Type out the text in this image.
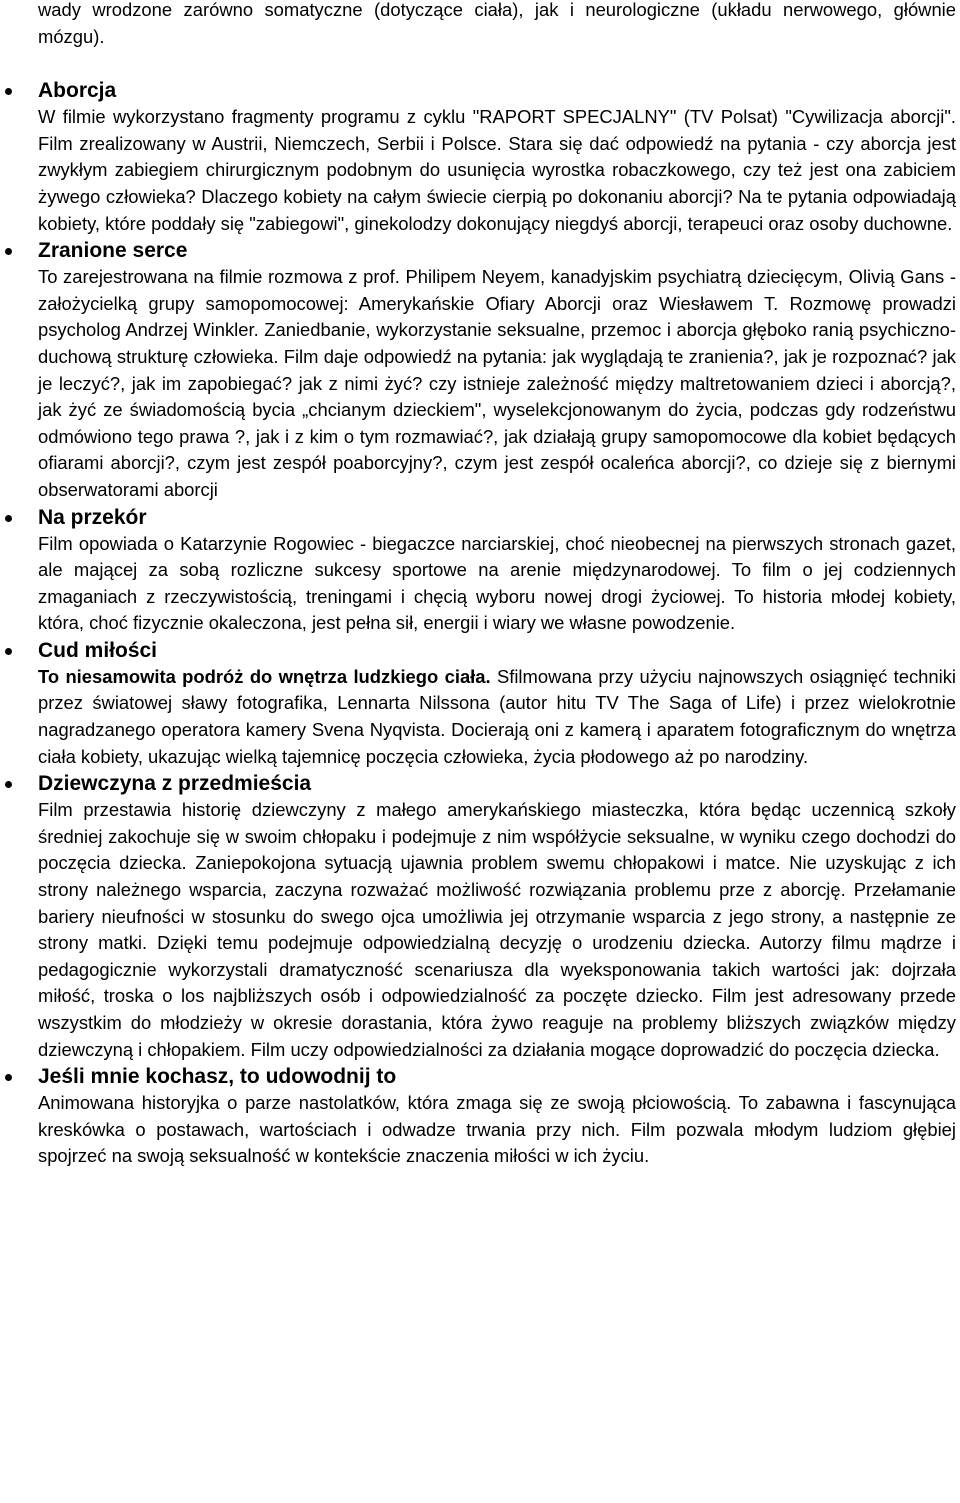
wady wrodzone zarówno somatyczne (dotyczące ciała), jak i neurologiczne (układu nerwowego, głównie mózgu).

Aborcja

W filmie wykorzystano fragmenty programu z cyklu "RAPORT SPECJALNY" (TV Polsat) "Cywilizacja aborcji". Film zrealizowany w Austrii, Niemczech, Serbii i Polsce. Stara się dać odpowiedź na pytania - czy aborcja jest zwykłym zabiegiem chirurgicznym podobnym do usunięcia wyrostka robaczkowego, czy też jest ona zabiciem żywego człowieka? Dlaczego kobiety na całym świecie cierpią po dokonaniu aborcji? Na te pytania odpowiadają kobiety, które poddały się "zabiegowi", ginekolodzy dokonujący niegdyś aborcji, terapeuci oraz osoby duchowne.

Zranione serce

To zarejestrowana na filmie rozmowa z prof. Philipem Neyem, kanadyjskim psychiatrą dziecięcym, Olivią Gans - założycielką grupy samopomocowej: Amerykańskie Ofiary Aborcji oraz Wiesławem T. Rozmowę prowadzi psycholog Andrzej Winkler. Zaniedbanie, wykorzystanie seksualne, przemoc i aborcja głęboko ranią psychiczno-duchową strukturę człowieka. Film daje odpowiedź na pytania: jak wyglądają te zranienia?, jak je rozpoznać? jak je leczyć?, jak im zapobiegać? jak z nimi żyć? czy istnieje zależność między maltretowaniem dzieci i aborcją?, jak żyć ze świadomością bycia „chcianym dzieckiem", wyselekcjonowanym do życia, podczas gdy rodzeństwu odmówiono tego prawa ?, jak i z kim o tym rozmawiać?, jak działają grupy samopomocowe dla kobiet będących ofiarami aborcji?, czym jest zespół poaborcyjny?, czym jest zespół ocaleńca aborcji?, co dzieje się z biernymi obserwatorami aborcji

Na przekór

Film opowiada o Katarzynie Rogowiec - biegaczce narciarskiej, choć nieobecnej na pierwszych stronach gazet, ale mającej za sobą rozliczne sukcesy sportowe na arenie międzynarodowej. To film o jej codziennych zmaganiach z rzeczywistością, treningami i chęcią wyboru nowej drogi życiowej. To historia młodej kobiety, która, choć fizycznie okaleczona, jest pełna sił, energii i wiary we własne powodzenie.

Cud miłości

To niesamowita podróż do wnętrza ludzkiego ciała. Sfilmowana przy użyciu najnowszych osiągnięć techniki przez światowej sławy fotografika, Lennarta Nilssona (autor hitu TV The Saga of Life) i przez wielokrotnie nagradzanego operatora kamery Svena Nyqvista. Docierają oni z kamerą i aparatem fotograficznym do wnętrza ciała kobiety, ukazując wielką tajemnicę poczęcia człowieka, życia płodowego aż po narodziny.

Dziewczyna z przedmieścia

Film przestawia historię dziewczyny z małego amerykańskiego miasteczka, która będąc uczennicą szkoły średniej zakochuje się w swoim chłopaku i podejmuje z nim współżycie seksualne, w wyniku czego dochodzi do poczęcia dziecka. Zaniepokojona sytuacją ujawnia problem swemu chłopakowi i matce. Nie uzyskując z ich strony należnego wsparcia, zaczyna rozważać możliwość rozwiązania problemu prze z aborcję. Przełamanie bariery nieufności w stosunku do swego ojca umożliwia jej otrzymanie wsparcia z jego strony, a następnie ze strony matki. Dzięki temu podejmuje odpowiedzialną decyzję o urodzeniu dziecka. Autorzy filmu mądrze i pedagogicznie wykorzystali dramatyczność scenariusza dla wyeksponowania takich wartości jak: dojrzała miłość, troska o los najbliższych osób i odpowiedzialność za poczęte dziecko. Film jest adresowany przede wszystkim do młodzieży w okresie dorastania, która żywo reaguje na problemy bliższych związków między dziewczyną i chłopakiem. Film uczy odpowiedzialności za działania mogące doprowadzić do poczęcia dziecka.

Jeśli mnie kochasz, to udowodnij to

Animowana historyjka o parze nastolatków, która zmaga się ze swoją płciowością. To zabawna i fascynująca kreskówka o postawach, wartościach i odwadze trwania przy nich. Film pozwala młodym ludziom głębiej spojrzeć na swoją seksualność w kontekście znaczenia miłości w ich życiu.
